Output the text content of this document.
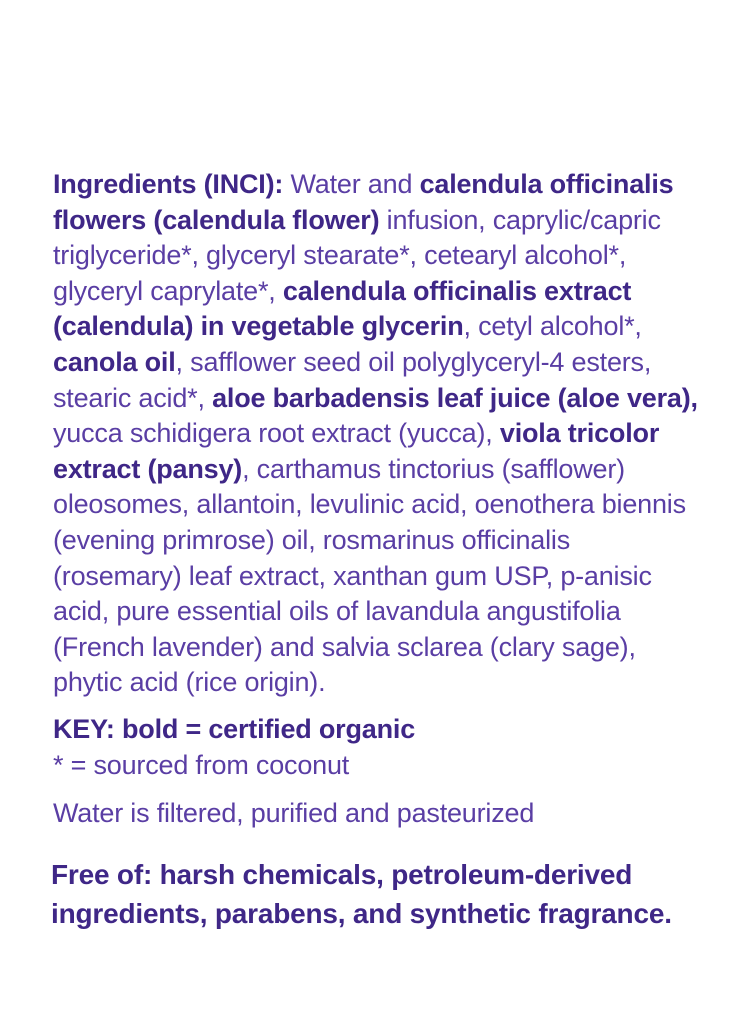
Ingredients (INCI): Water and calendula officinalis
flowers (calendula flower) infusion, caprylic/capric
triglyceride*, glyceryl stearate*, cetearyl alcohol*,
glyceryl caprylate*, calendula officinalis extract
(calendula) in vegetable glycerin, cetyl alcohol*,
canola oil, safflower seed oil polyglyceryl-4 esters,
stearic acid*, aloe barbadensis leaf juice (aloe vera),
yucca schidigera root extract (yucca), viola tricolor
extract (pansy), carthamus tinctorius (safflower)
oleosomes, allantoin, levulinic acid, oenothera biennis
(evening primrose) oil, rosmarinus officinalis
(rosemary) leaf extract, xanthan gum USP, p-anisic
acid, pure essential oils of lavandula angustifolia
(French lavender) and salvia sclarea (clary sage),
phytic acid (rice origin).
KEY: bold = certified organic
* = sourced from coconut
Water is filtered, purified and pasteurized
Free of: harsh chemicals, petroleum-derived
ingredients, parabens, and synthetic fragrance.
